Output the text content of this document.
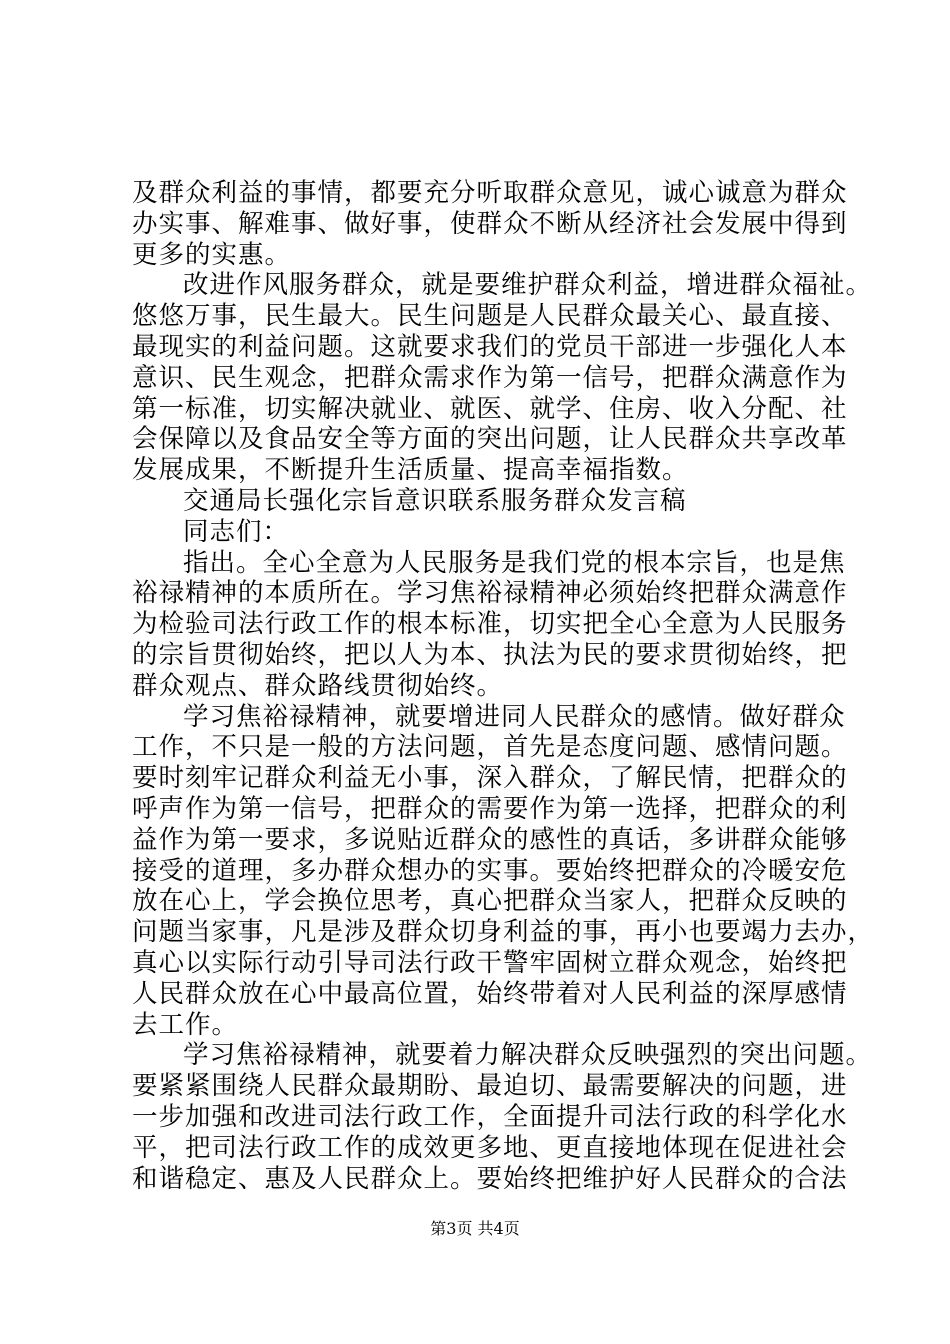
及群众利益的事情，都要充分听取群众意见，诚心诚意为群众
办实事、解难事、做好事，使群众不断从经济社会发展中得到
更多的实惠。
改进作风服务群众，就是要维护群众利益，增进群众福祉。
悠悠万事，民生最大。民生问题是人民群众最关心、最直接、
最现实的利益问题。这就要求我们的党员干部进一步强化人本
意识、民生观念，把群众需求作为第一信号，把群众满意作为
第一标准，切实解决就业、就医、就学、住房、收入分配、社
会保障以及食品安全等方面的突出问题，让人民群众共享改革
发展成果，不断提升生活质量、提高幸福指数。
交通局长强化宗旨意识联系服务群众发言稿
同志们：
指出。全心全意为人民服务是我们党的根本宗旨，也是焦
裕禄精神的本质所在。学习焦裕禄精神必须始终把群众满意作
为检验司法行政工作的根本标准，切实把全心全意为人民服务
的宗旨贯彻始终，把以人为本、执法为民的要求贯彻始终，把
群众观点、群众路线贯彻始终。
学习焦裕禄精神，就要增进同人民群众的感情。做好群众
工作，不只是一般的方法问题，首先是态度问题、感情问题。
要时刻牢记群众利益无小事，深入群众，了解民情，把群众的
呼声作为第一信号，把群众的需要作为第一选择，把群众的利
益作为第一要求，多说贴近群众的感性的真话，多讲群众能够
接受的道理，多办群众想办的实事。要始终把群众的冷暖安危
放在心上，学会换位思考，真心把群众当家人，把群众反映的
问题当家事，凡是涉及群众切身利益的事，再小也要竭力去办，
真心以实际行动引导司法行政干警牢固树立群众观念，始终把
人民群众放在心中最高位置，始终带着对人民利益的深厚感情
去工作。
学习焦裕禄精神，就要着力解决群众反映强烈的突出问题。
要紧紧围绕人民群众最期盼、最迫切、最需要解决的问题，进
一步加强和改进司法行政工作，全面提升司法行政的科学化水
平，把司法行政工作的成效更多地、更直接地体现在促进社会
和谐稳定、惠及人民群众上。要始终把维护好人民群众的合法
第3页 共4页
